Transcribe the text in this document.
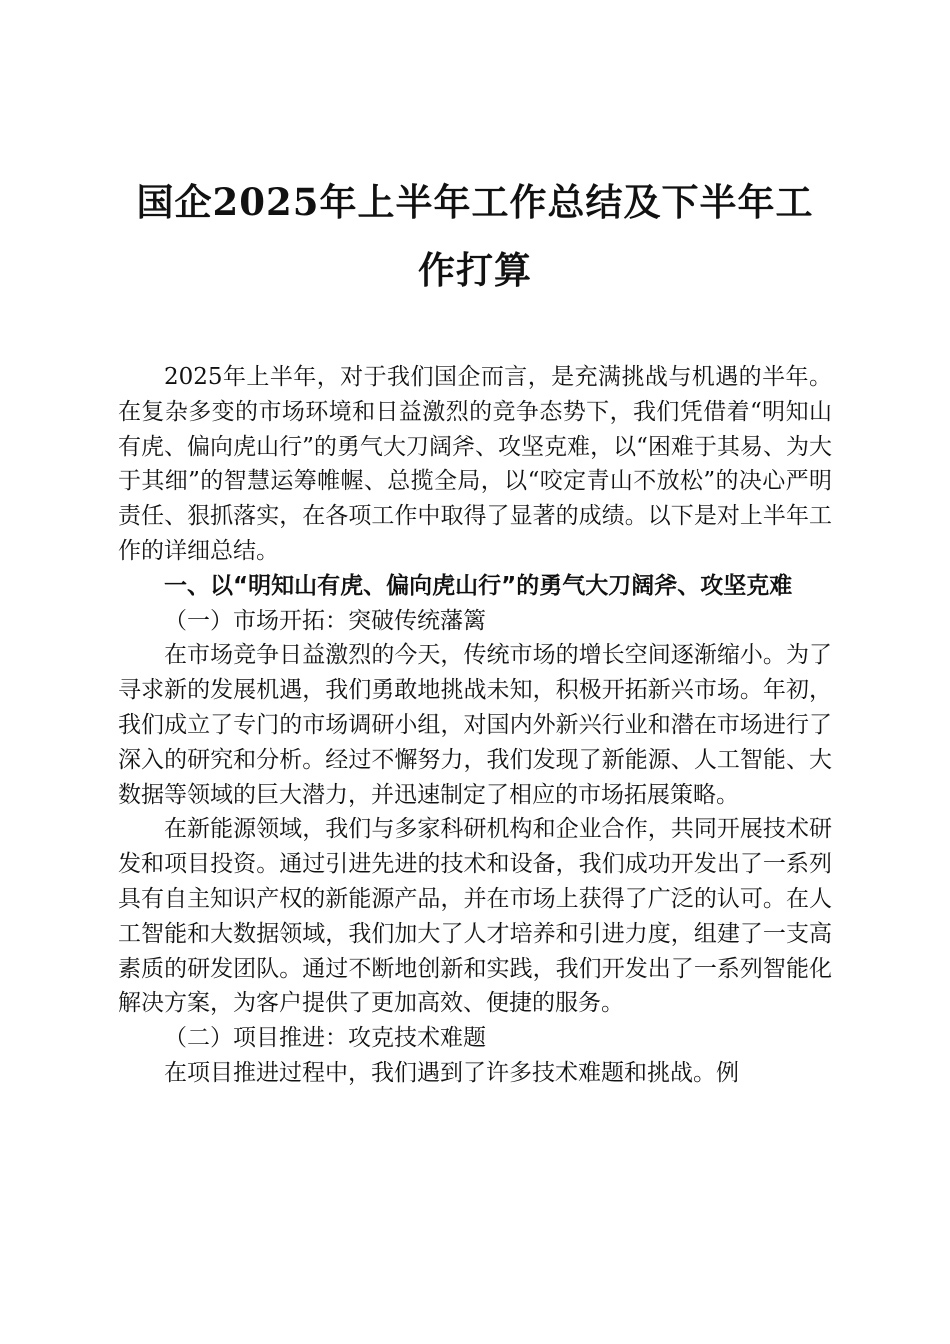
国企2025年上半年工作总结及下半年工作打算

2025年上半年，对于我们国企而言，是充满挑战与机遇的半年。在复杂多变的市场环境和日益激烈的竞争态势下，我们凭借着“明知山有虎、偏向虎山行”的勇气大刀阔斧、攻坚克难，以“困难于其易、为大于其细”的智慧运筹帷幄、总揽全局，以“咬定青山不放松”的决心严明责任、狠抓落实，在各项工作中取得了显著的成绩。以下是对上半年工作的详细总结。

一、以“明知山有虎、偏向虎山行”的勇气大刀阔斧、攻坚克难

（一）市场开拓：突破传统藩篱

在市场竞争日益激烈的今天，传统市场的增长空间逐渐缩小。为了寻求新的发展机遇，我们勇敢地挑战未知，积极开拓新兴市场。年初，我们成立了专门的市场调研小组，对国内外新兴行业和潜在市场进行了深入的研究和分析。经过不懈努力，我们发现了新能源、人工智能、大数据等领域的巨大潜力，并迅速制定了相应的市场拓展策略。

在新能源领域，我们与多家科研机构和企业合作，共同开展技术研发和项目投资。通过引进先进的技术和设备，我们成功开发出了一系列具有自主知识产权的新能源产品，并在市场上获得了广泛的认可。在人工智能和大数据领域，我们加大了人才培养和引进力度，组建了一支高素质的研发团队。通过不断地创新和实践，我们开发出了一系列智能化解决方案，为客户提供了更加高效、便捷的服务。

（二）项目推进：攻克技术难题

在项目推进过程中，我们遇到了许多技术难题和挑战。例
